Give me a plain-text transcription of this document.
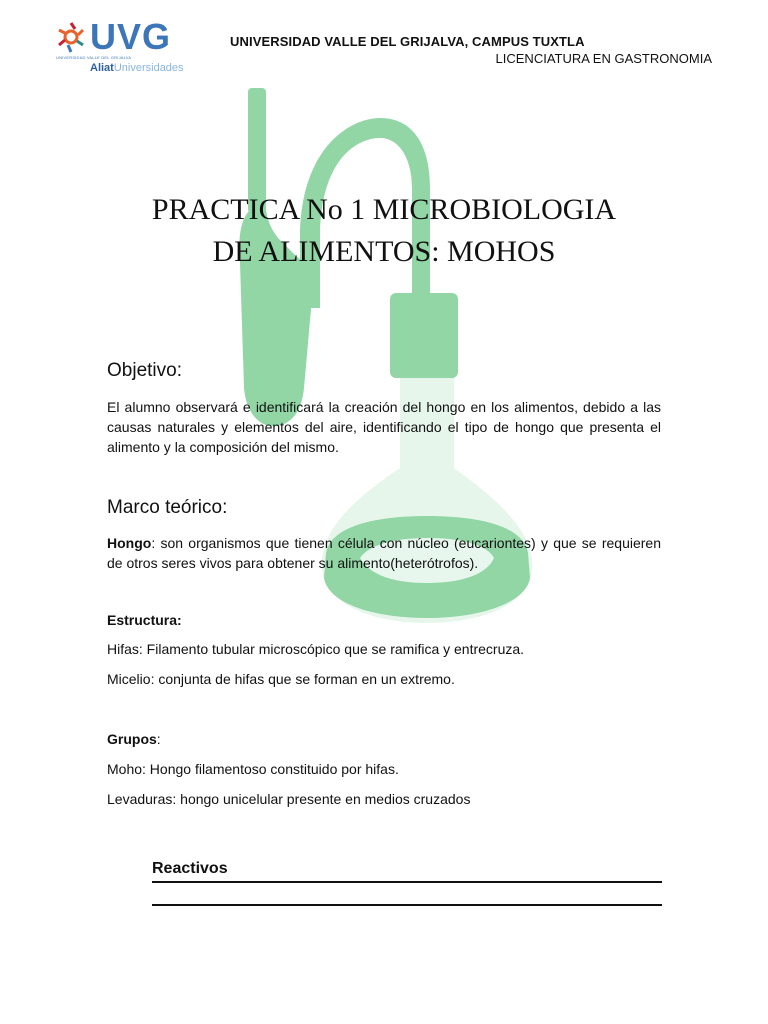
UVG
UNIVERSIDAD VALLE DEL GRIJALVA
AliatUniversidades
UNIVERSIDAD VALLE DEL GRIJALVA, CAMPUS TUXTLA
LICENCIATURA EN GASTRONOMIA
PRACTICA No 1 MICROBIOLOGIA
DE ALIMENTOS: MOHOS
Objetivo:
El alumno observará e identificará la creación del hongo en los alimentos, debido a las causas naturales y elementos del aire, identificando el tipo de hongo que presenta el alimento y la composición del mismo.
Marco teórico:
Hongo: son organismos que tienen célula con núcleo (eucariontes) y que se requieren de otros seres vivos para obtener su alimento(heterótrofos).
Estructura:
Hifas: Filamento tubular microscópico que se ramifica y entrecruza.
Micelio: conjunta de hifas que se forman en un extremo.
Grupos:
Moho: Hongo filamentoso constituido por hifas.
Levaduras: hongo unicelular presente en medios cruzados
Reactivos
